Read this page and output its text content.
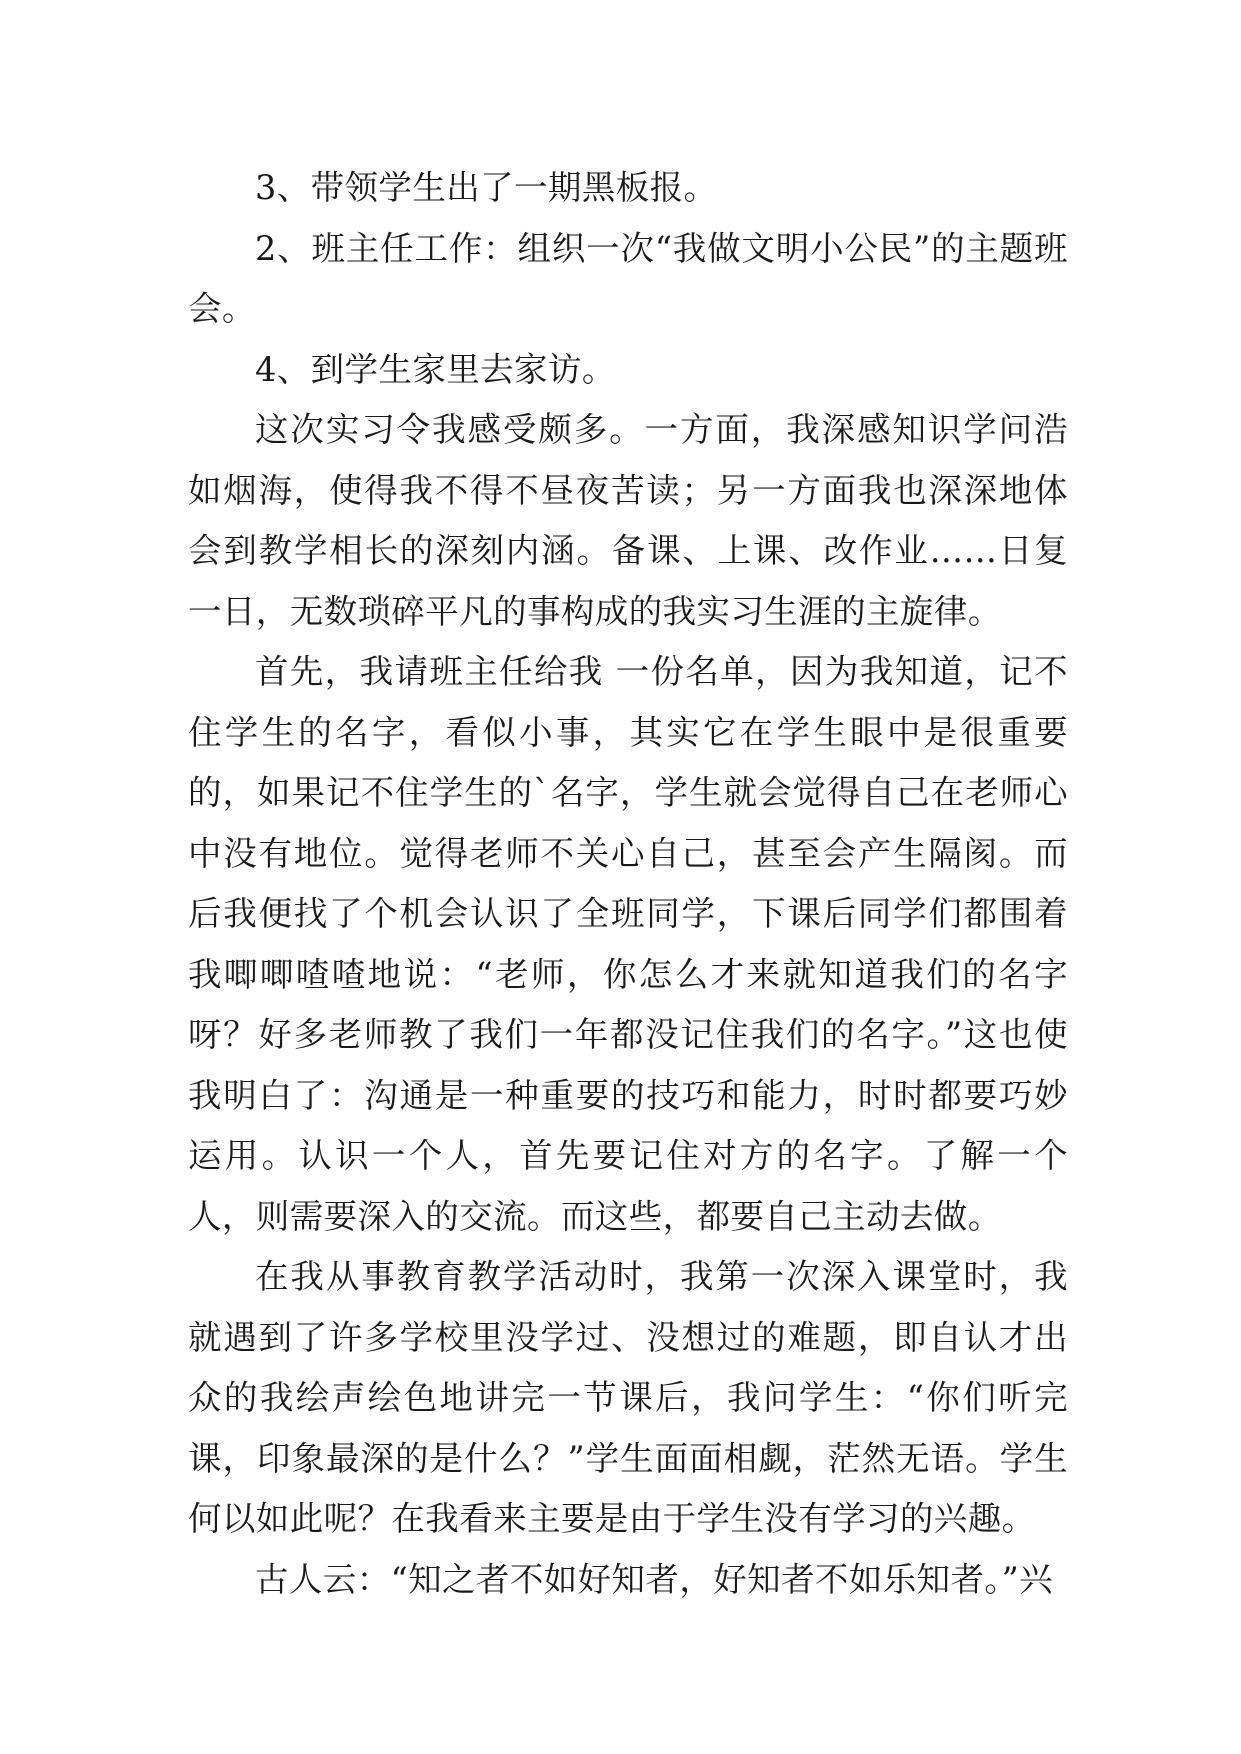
3、带领学生出了一期黑板报。

2、班主任工作：组织一次“我做文明小公民”的主题班会。

4、到学生家里去家访。

这次实习令我感受颇多。一方面，我深感知识学问浩如烟海，使得我不得不昼夜苦读；另一方面我也深深地体会到教学相长的深刻内涵。备课、上课、改作业……日复一日，无数琐碎平凡的事构成的我实习生涯的主旋律。

首先，我请班主任给我 一份名单，因为我知道，记不住学生的名字，看似小事，其实它在学生眼中是很重要的，如果记不住学生的`名字，学生就会觉得自己在老师心中没有地位。觉得老师不关心自己，甚至会产生隔阂。而后我便找了个机会认识了全班同学，下课后同学们都围着我唧唧喳喳地说：“老师，你怎么才来就知道我们的名字呀？好多老师教了我们一年都没记住我们的名字。”这也使我明白了：沟通是一种重要的技巧和能力，时时都要巧妙运用。认识一个人，首先要记住对方的名字。了解一个人，则需要深入的交流。而这些，都要自己主动去做。

在我从事教育教学活动时，我第一次深入课堂时，我就遇到了许多学校里没学过、没想过的难题，即自认才出众的我绘声绘色地讲完一节课后，我问学生：“你们听完课，印象最深的是什么？”学生面面相觑，茫然无语。学生何以如此呢？在我看来主要是由于学生没有学习的兴趣。

古人云：“知之者不如好知者，好知者不如乐知者。”兴
